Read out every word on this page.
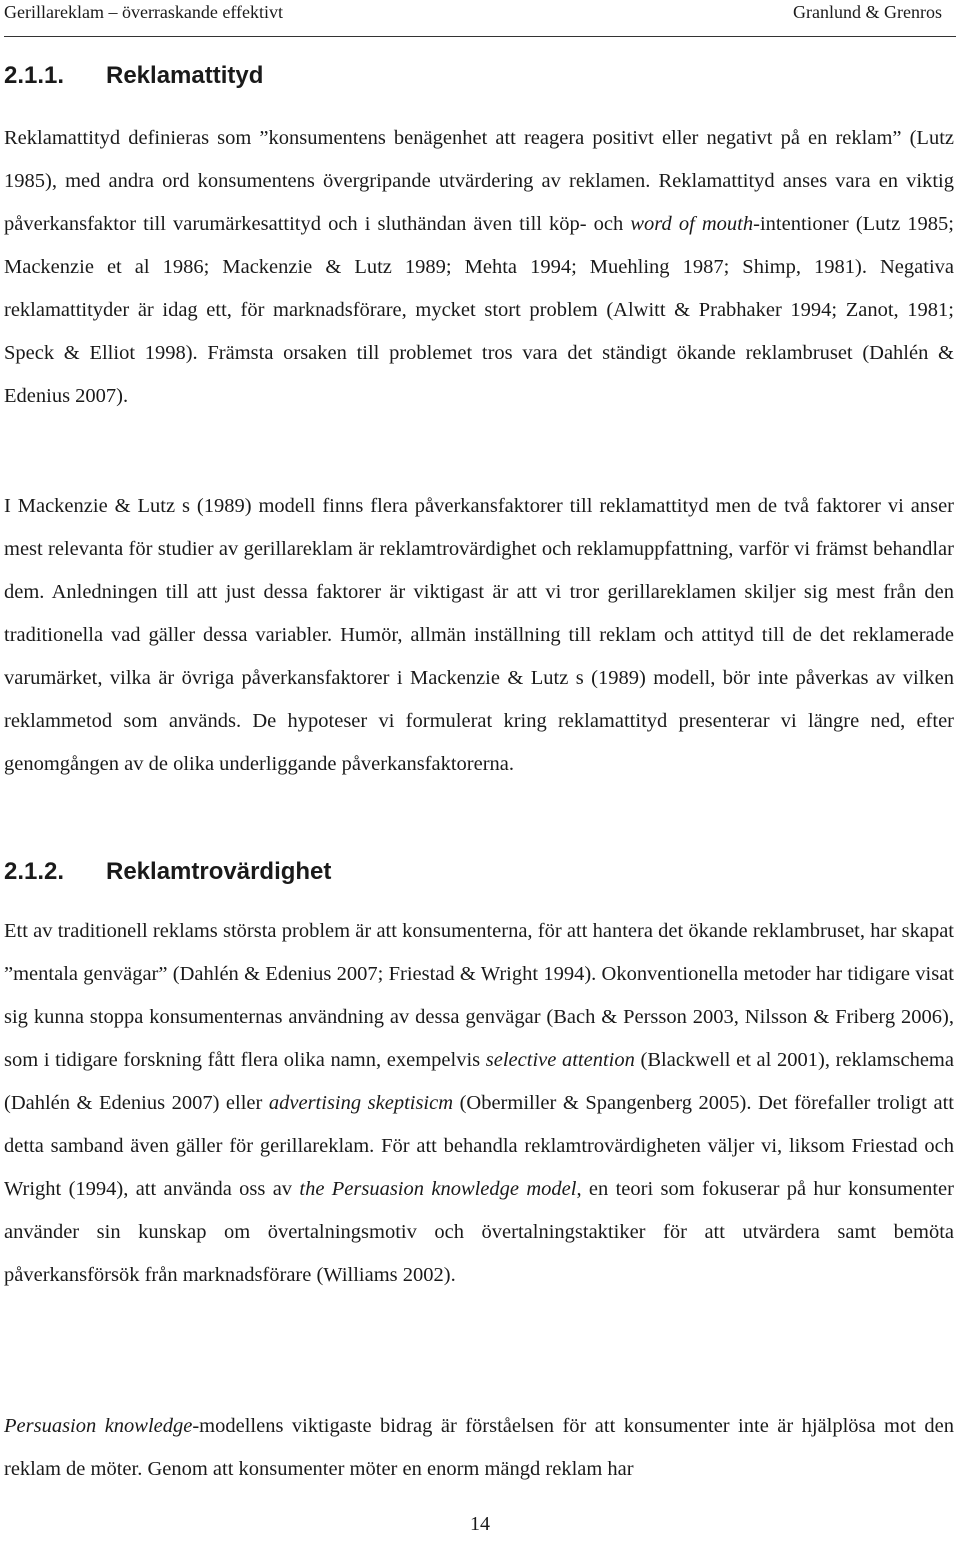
Gerillareklam – överraskande effektivt	Granlund & Grenros
2.1.1. Reklamattityd

Reklamattityd definieras som ”konsumentens benägenhet att reagera positivt eller negativt på en reklam” (Lutz 1985), med andra ord konsumentens övergripande utvärdering av reklamen. Reklamattityd anses vara en viktig påverkansfaktor till varumärkesattityd och i sluthändan även till köp- och word of mouth-intentioner (Lutz 1985; Mackenzie et al 1986; Mackenzie & Lutz 1989; Mehta 1994; Muehling 1987; Shimp, 1981). Negativa reklamattityder är idag ett, för marknadsförare, mycket stort problem (Alwitt & Prabhaker 1994; Zanot, 1981; Speck & Elliot 1998). Främsta orsaken till problemet tros vara det ständigt ökande reklambruset (Dahlén & Edenius 2007).

I Mackenzie & Lutz s (1989) modell finns flera påverkansfaktorer till reklamattityd men de två faktorer vi anser mest relevanta för studier av gerillareklam är reklamtrovärdighet och reklamuppfattning, varför vi främst behandlar dem. Anledningen till att just dessa faktorer är viktigast är att vi tror gerillareklamen skiljer sig mest från den traditionella vad gäller dessa variabler. Humör, allmän inställning till reklam och attityd till de det reklamerade varumärket, vilka är övriga påverkansfaktorer i Mackenzie & Lutz s (1989) modell, bör inte påverkas av vilken reklammetod som används. De hypoteser vi formulerat kring reklamattityd presenterar vi längre ned, efter genomgången av de olika underliggande påverkansfaktorerna.

2.1.2. Reklamtrovärdighet

Ett av traditionell reklams största problem är att konsumenterna, för att hantera det ökande reklambruset, har skapat ”mentala genvägar” (Dahlén & Edenius 2007; Friestad & Wright 1994). Okonventionella metoder har tidigare visat sig kunna stoppa konsumenternas användning av dessa genvägar (Bach & Persson 2003, Nilsson & Friberg 2006), som i tidigare forskning fått flera olika namn, exempelvis selective attention (Blackwell et al 2001), reklamschema (Dahlén & Edenius 2007) eller advertising skeptisicm (Obermiller & Spangenberg 2005). Det förefaller troligt att detta samband även gäller för gerillareklam. För att behandla reklamtrovärdigheten väljer vi, liksom Friestad och Wright (1994), att använda oss av the Persuasion knowledge model, en teori som fokuserar på hur konsumenter använder sin kunskap om övertalningsmotiv och övertalningstaktiker för att utvärdera samt bemöta påverkansförsök från marknadsförare (Williams 2002).

Persuasion knowledge-modellens viktigaste bidrag är förståelsen för att konsumenter inte är hjälplösa mot den reklam de möter. Genom att konsumenter möter en enorm mängd reklam har

14
